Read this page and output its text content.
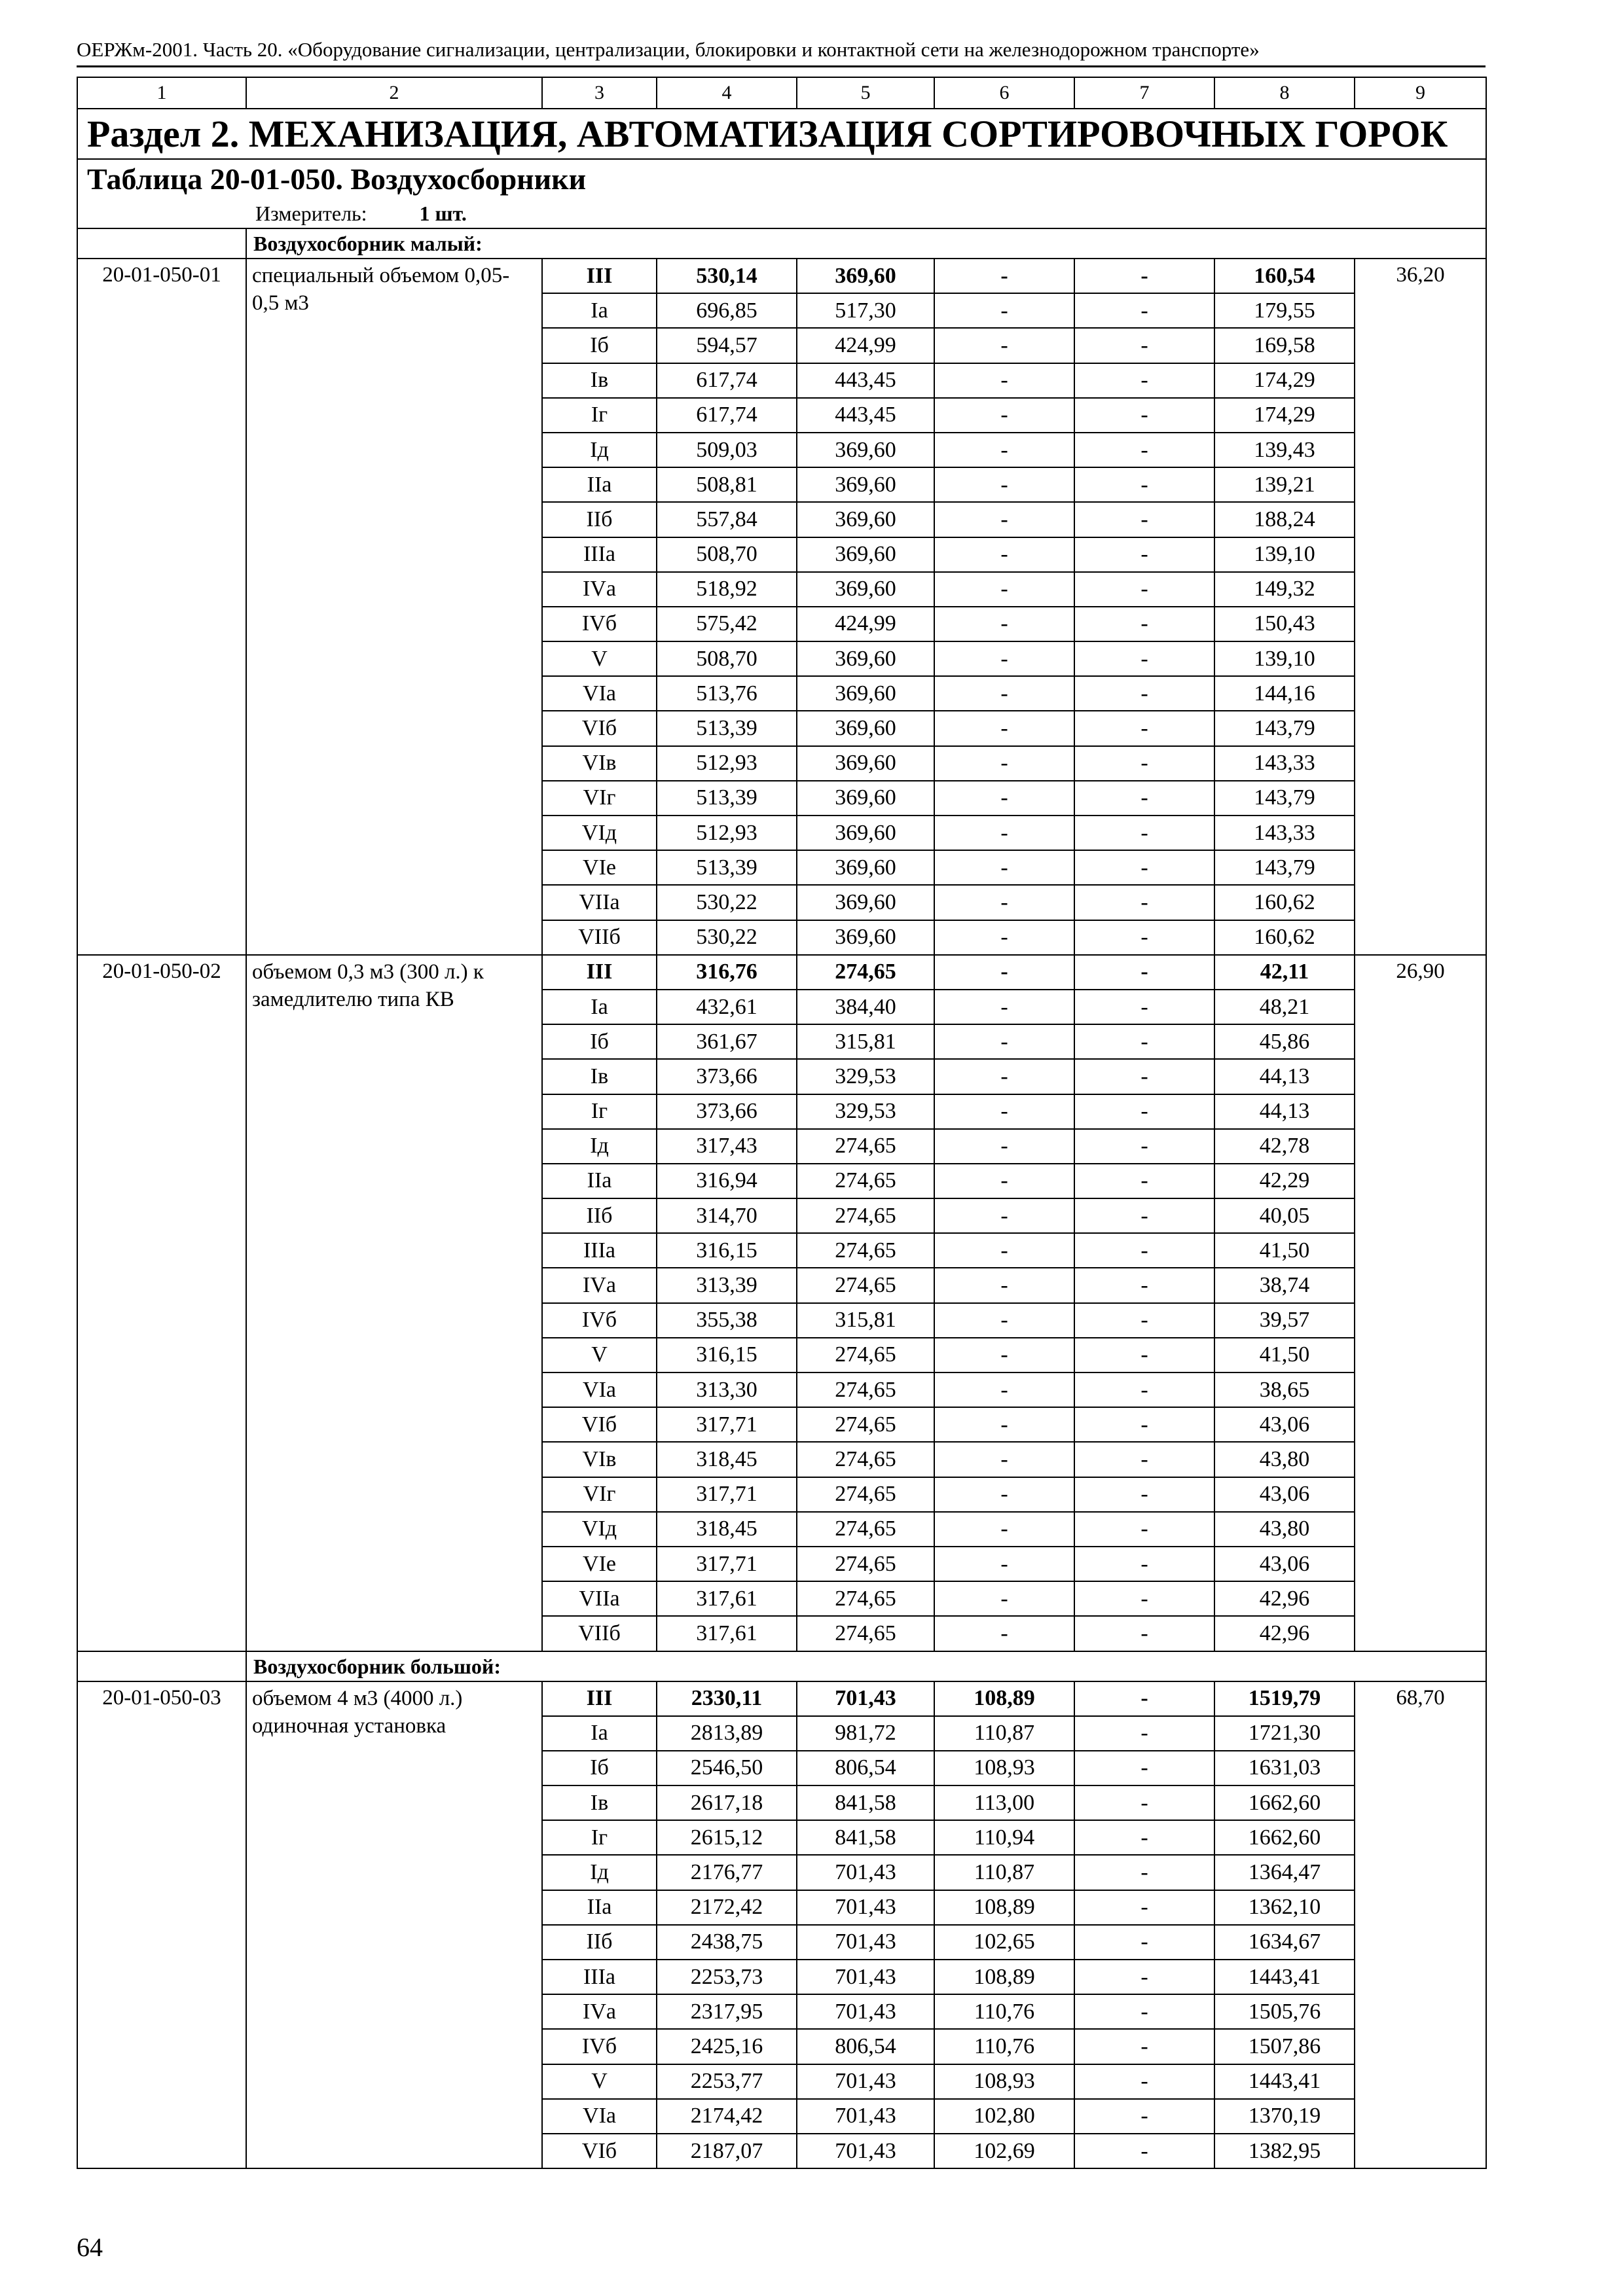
ОЕРЖм-2001. Часть 20. «Оборудование сигнализации, централизации, блокировки и контактной сети на железнодорожном транспорте»
1	2	3	4	5	6	7	8	9
Раздел 2. МЕХАНИЗАЦИЯ, АВТОМАТИЗАЦИЯ СОРТИРОВОЧНЫХ ГОРОК								
Таблица 20-01-050. Воздухосборники								
Измеритель: 1 шт.								
	Воздухосборник малый:							
20-01-050-01	специальный объемом 0,05-0,5 м3	III	530,14	369,60	-	-	160,54	36,20
		Iа	696,85	517,30	-	-	179,55	
		Iб	594,57	424,99	-	-	169,58	
		Iв	617,74	443,45	-	-	174,29	
		Iг	617,74	443,45	-	-	174,29	
		Iд	509,03	369,60	-	-	139,43	
		IIа	508,81	369,60	-	-	139,21	
		IIб	557,84	369,60	-	-	188,24	
		IIIа	508,70	369,60	-	-	139,10	
		IVа	518,92	369,60	-	-	149,32	
		IVб	575,42	424,99	-	-	150,43	
		V	508,70	369,60	-	-	139,10	
		VIа	513,76	369,60	-	-	144,16	
		VIб	513,39	369,60	-	-	143,79	
		VIв	512,93	369,60	-	-	143,33	
		VIг	513,39	369,60	-	-	143,79	
		VIд	512,93	369,60	-	-	143,33	
		VIе	513,39	369,60	-	-	143,79	
		VIIа	530,22	369,60	-	-	160,62	
		VIIб	530,22	369,60	-	-	160,62	
20-01-050-02	объемом 0,3 м3 (300 л.) к замедлителю типа КВ	III	316,76	274,65	-	-	42,11	26,90
		Iа	432,61	384,40	-	-	48,21	
		Iб	361,67	315,81	-	-	45,86	
		Iв	373,66	329,53	-	-	44,13	
		Iг	373,66	329,53	-	-	44,13	
		Iд	317,43	274,65	-	-	42,78	
		IIа	316,94	274,65	-	-	42,29	
		IIб	314,70	274,65	-	-	40,05	
		IIIа	316,15	274,65	-	-	41,50	
		IVа	313,39	274,65	-	-	38,74	
		IVб	355,38	315,81	-	-	39,57	
		V	316,15	274,65	-	-	41,50	
		VIа	313,30	274,65	-	-	38,65	
		VIб	317,71	274,65	-	-	43,06	
		VIв	318,45	274,65	-	-	43,80	
		VIг	317,71	274,65	-	-	43,06	
		VIд	318,45	274,65	-	-	43,80	
		VIе	317,71	274,65	-	-	43,06	
		VIIа	317,61	274,65	-	-	42,96	
		VIIб	317,61	274,65	-	-	42,96	
	Воздухосборник большой:							
20-01-050-03	объемом 4 м3 (4000 л.) одиночная установка	III	2330,11	701,43	108,89	-	1519,79	68,70
		Iа	2813,89	981,72	110,87	-	1721,30	
		Iб	2546,50	806,54	108,93	-	1631,03	
		Iв	2617,18	841,58	113,00	-	1662,60	
		Iг	2615,12	841,58	110,94	-	1662,60	
		Iд	2176,77	701,43	110,87	-	1364,47	
		IIа	2172,42	701,43	108,89	-	1362,10	
		IIб	2438,75	701,43	102,65	-	1634,67	
		IIIа	2253,73	701,43	108,89	-	1443,41	
		IVа	2317,95	701,43	110,76	-	1505,76	
		IVб	2425,16	806,54	110,76	-	1507,86	
		V	2253,77	701,43	108,93	-	1443,41	
		VIа	2174,42	701,43	102,80	-	1370,19	
		VIб	2187,07	701,43	102,69	-	1382,95	
64
